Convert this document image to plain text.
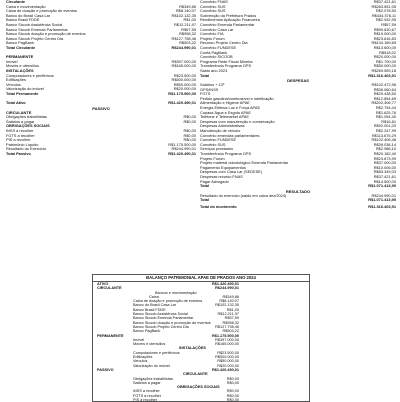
Circulante
Caixa e movimentação	R$349,86
Caixa de doação e promoção de eventos	R$8.140,07
Banco do Brasil Casa Lar	R$102.132,35
Banco Brasil FDDE	R$1,00
Banco Sicoob Assistência Social	R$12.211,97
Banco Sicoob Emenda Parlamentar	R$57,59
Banco Sicoob doação e promoção de eventos	R$958,32
Banco Sicoob Projeto Centro Dia	R$127.798,46
Banco PagBank	R$503,22
Total Circulante	R$244.990,01
PERMANENTE
Imóvel	R$397.000,00
Móveis e utensílios	R$165.000,00
INSTALAÇÕES
Computadores e periféricos	R$23.500,00
Edificações	R$500.000,00
Veículos	R$50.000,00
Valorização do imóvel	R$20.000,00
Total Permanente	R$1.175.500,00
Total Ativo	R$1.420.490,01
PASSIVO
CIRCULANTE
Obrigações trabalhistas	R$0,00
Salários a pagar	R$0,00
OBRIGAÇÕES SOCIAIS
INSS a recolher	R$0,00
FGTS a recolher	R$0,00
PIS a recolher	R$0,00
Patrimônio Líquido	R$1.175.500,00
Resultado do Exercício	R$244.990,01
Total Passivo	R$1.420.490,01
Convênio FNAS	R$37.421,61
Convênio SUS	R$263.551,05
Convênio SUS	R$2.078,50
Subvenção da Prefeitura Prados	R$434.378,11
Rendimentos Aplicação Financeira	R$2.932,95
Convênio Emenda Parlamentar	R$57,59
Convênio Casa Lar	R$99.630,67
Convênio FIA	R$15.000,00
Projeto Fórum	R$23.616,83
Recurso Projeto Centro Dia	R$134.189,65
Convênio FUNDESE	R$13.600,00
Conta PagBank	R$518,02
Convênio SICOOB	R$20.000,00
Programa Rede Fiscal Mineira	R$1.700,00
Transferência Programa GPS	R$50.000,00
Saldo ano 2023	R$269.559,18
Total	R$1.316.403,91
DESPESAS
Salários + 13º	R$102.472,96
GPS/INSS	R$36.060,64
FGTS	R$29.438,50
Pedido gasolina/combustível e lubrificação	R$12.854,69
Alimentação e Higiene APAE	R$202.306,77
Energia Elétrica Luz e Força APAE	R$2.754,44
Copasa Água e Esgoto APAE	R$1.625,76
Telefone e Telemarket APAE	R$1.054,40
Despesas com manutenção e conservação	R$16,81
Despesas Administrativas	R$92.001,03
Manutenção de veículo	R$2.247,99
Convênio emendas parlamentares	R$113.675,29
Convênio FUNDESE	R$102.406,48
Convênio SUS	R$39.038,14
Serviços prestados	R$2.986,10
Transferência Programa GPS	R$20.182,40
Projeto Fórum	R$23.873,99
Projeto material odontológico Emenda Parlamentar	R$37.000,00
Pagamento Equipamentos	R$10.006,00
Despesas com Casa Lar (SEDESE)	R$83.349,03
Despesas recurso FNAS	R$37.421,61
Pagar Advogado	R$14.500,00
Total	R$1.071.413,90
RESULTADO
Resultado do exercício (saldo em caixa dez/2024)	R$244.990,01
Total	R$1.071.413,90
Total do movimento	R$1.316.403,91
BALANÇO PATRIMONIAL APAE DE PRADOS ANO 2024
ATIVO	R$1.420.490,01
CIRCULANTE	R$244.990,01
Bancos e movimentação
Caixa	R$349,86
Caixa de doação e promoção de eventos	R$8.140,07
Banco do Brasil Casa Lar	R$102.132,35
Banco Brasil FDDE	R$1,00
Banco Sicoob Assistência Social	R$12.211,97
Banco Sicoob Emenda Parlamentar	R$57,59
Banco Sicoob doação e promoção de eventos	R$958,32
Banco Sicoob Projeto Centro Dia	R$127.798,46
Banco PagBank	R$503,22
PERMANENTE	R$1.175.500,00
Imóvel	R$397.000,00
Móveis e utensílios	R$165.000,00
INSTALAÇÕES
Computadores e periféricos	R$23.500,00
Edificações	R$500.000,00
Veículos	R$50.000,00
Valorização do imóvel	R$20.000,00
PASSIVO	R$1.420.490,01
CIRCULANTE
Obrigações trabalhistas	R$0,00
Salários a pagar	R$0,00
OBRIGAÇÕES SOCIAIS
INSS a recolher	R$0,00
FGTS a recolher	R$0,00
PIS a recolher	R$0,00
